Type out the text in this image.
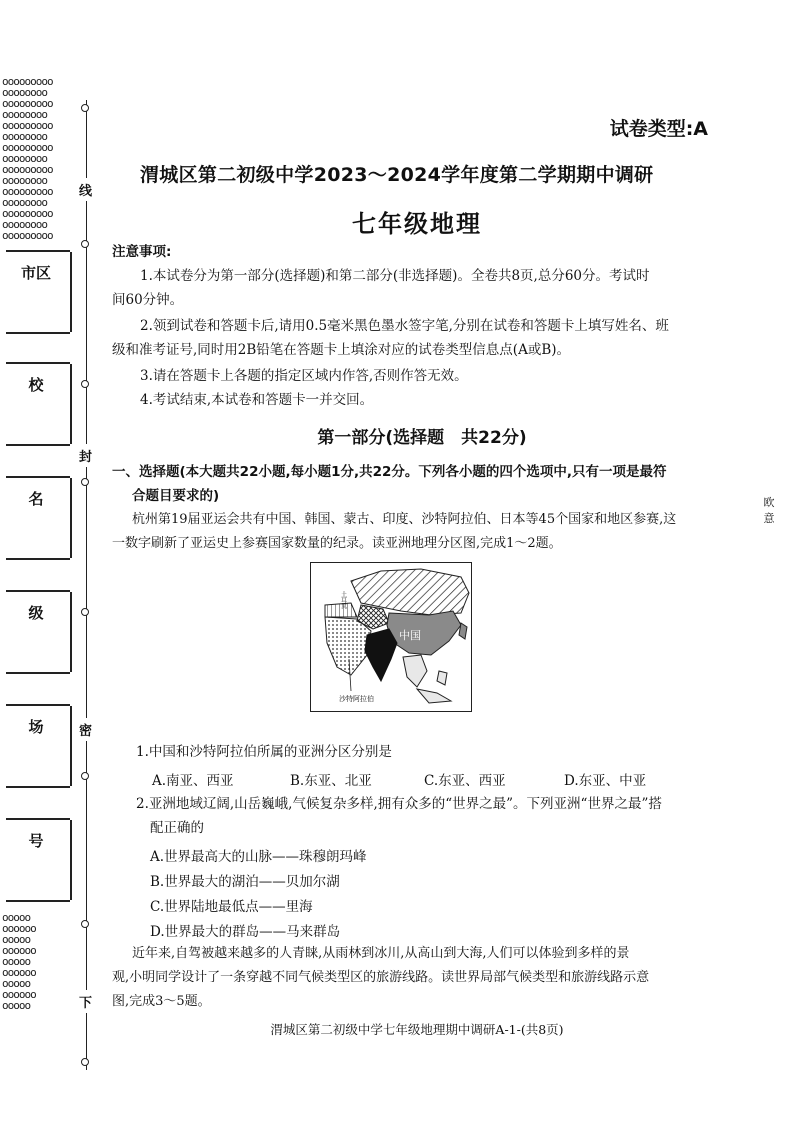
ooooooooo
oooooooo
ooooooooo
oooooooo
ooooooooo
oooooooo
ooooooooo
oooooooo
ooooooooo
oooooooo
ooooooooo
oooooooo
ooooooooo
oooooooo
ooooooooo
ooooo
oooooo
ooooo
oooooo
ooooo
oooooo
ooooo
oooooo
ooooo
线
封
密
下
市区
校
名
级
场
号
试卷类型:A
渭城区第二初级中学2023～2024学年度第二学期期中调研
七年级地理
注意事项:
1.本试卷分为第一部分(选择题)和第二部分(非选择题)。全卷共8页,总分60分。考试时
间60分钟。
2.领到试卷和答题卡后,请用0.5毫米黑色墨水签字笔,分别在试卷和答题卡上填写姓名、班
级和准考证号,同时用2B铅笔在答题卡上填涂对应的试卷类型信息点(A或B)。
3.请在答题卡上各题的指定区域内作答,否则作答无效。
4.考试结束,本试卷和答题卡一并交回。
第一部分(选择题　共22分)
一、选择题(本大题共22小题,每小题1分,共22分。下列各小题的四个选项中,只有一项是最符
合题目要求的)
杭州第19届亚运会共有中国、韩国、蒙古、印度、沙特阿拉伯、日本等45个国家和地区参赛,这
一数字刷新了亚运史上参赛国家数量的纪录。读亚洲地理分区图,完成1～2题。
欧意
中国
沙特阿拉伯
土耳其
1.中国和沙特阿拉伯所属的亚洲分区分别是
A.南亚、西亚	B.东亚、北亚	C.东亚、西亚	D.东亚、中亚
2.亚洲地域辽阔,山岳巍峨,气候复杂多样,拥有众多的“世界之最”。下列亚洲“世界之最”搭
配正确的
A.世界最高大的山脉——珠穆朗玛峰
B.世界最大的湖泊——贝加尔湖
C.世界陆地最低点——里海
D.世界最大的群岛——马来群岛
近年来,自驾被越来越多的人青睐,从雨林到冰川,从高山到大海,人们可以体验到多样的景
观,小明同学设计了一条穿越不同气候类型区的旅游线路。读世界局部气候类型和旅游线路示意
图,完成3～5题。
渭城区第二初级中学七年级地理期中调研A-1-(共8页)
